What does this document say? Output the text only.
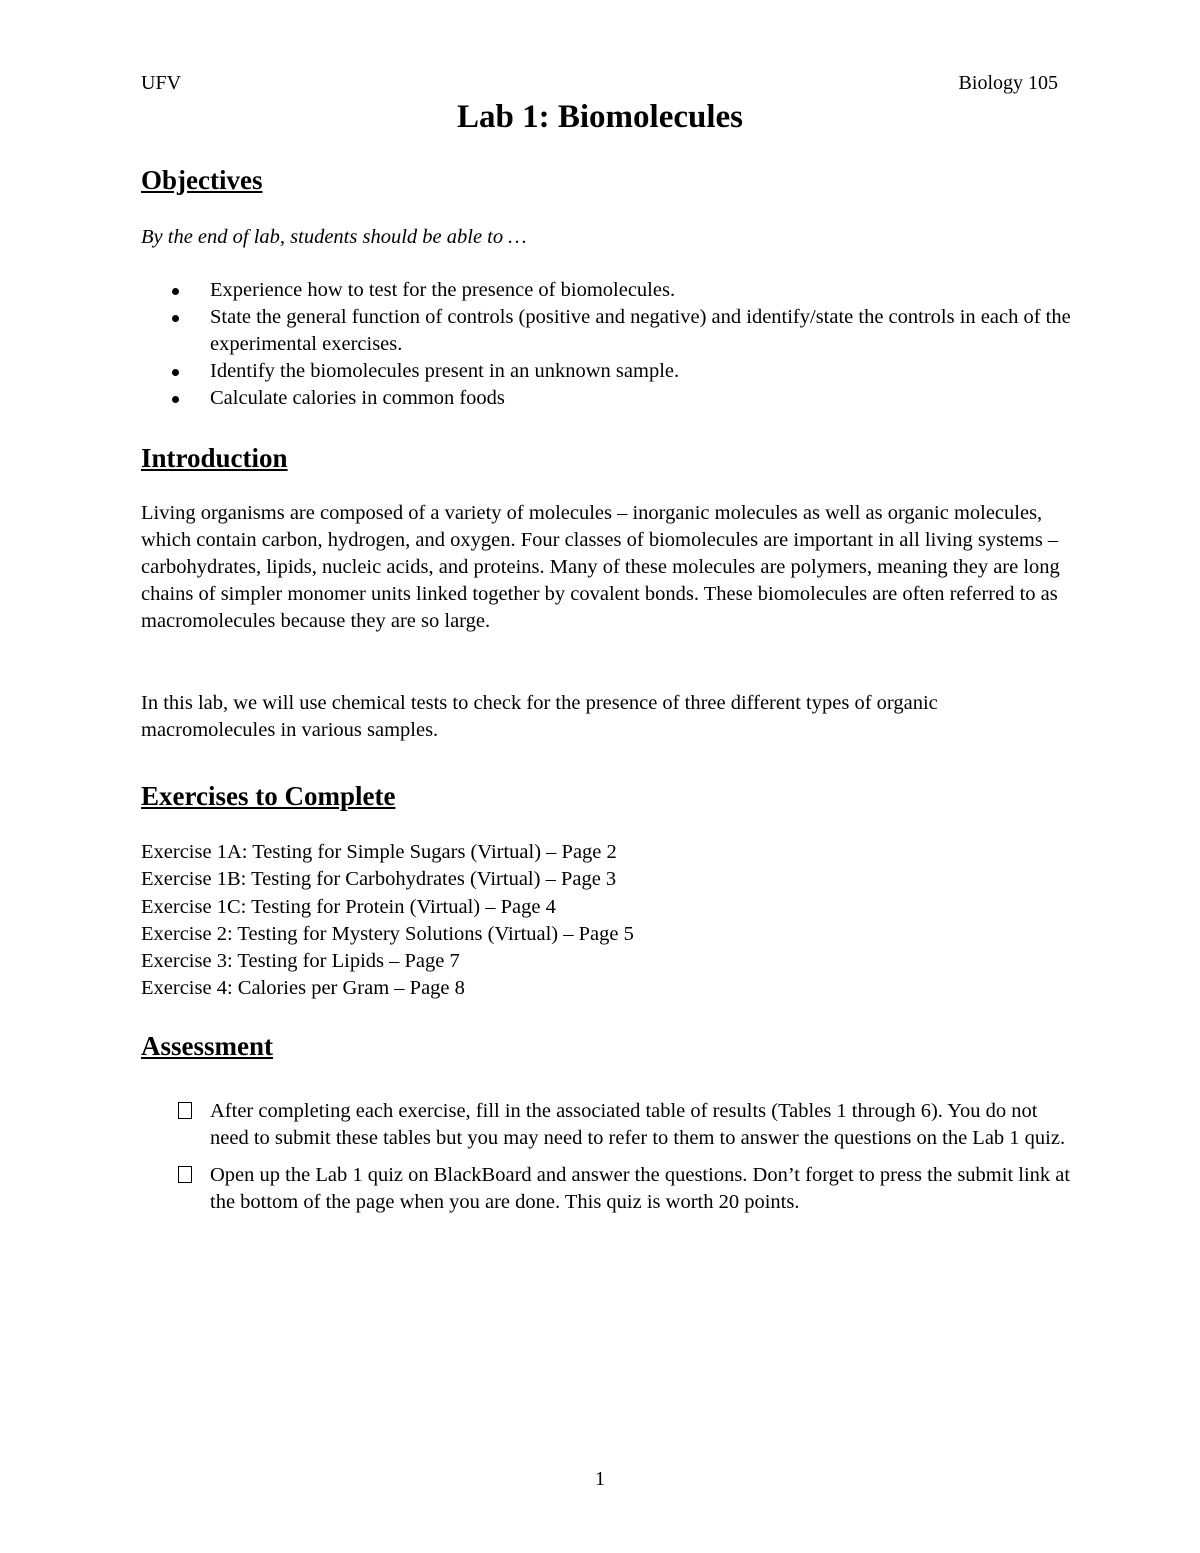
UFV	Biology 105
Lab 1: Biomolecules
Objectives

By the end of lab, students should be able to …

Experience how to test for the presence of biomolecules.
State the general function of controls (positive and negative) and identify/state the controls in each of the experimental exercises.
Identify the biomolecules present in an unknown sample.
Calculate calories in common foods
Introduction

Living organisms are composed of a variety of molecules – inorganic molecules as well as organic molecules, which contain carbon, hydrogen, and oxygen. Four classes of biomolecules are important in all living systems – carbohydrates, lipids, nucleic acids, and proteins. Many of these molecules are polymers, meaning they are long chains of simpler monomer units linked together by covalent bonds. These biomolecules are often referred to as macromolecules because they are so large.

In this lab, we will use chemical tests to check for the presence of three different types of organic macromolecules in various samples.

Exercises to Complete
Exercise 1A: Testing for Simple Sugars (Virtual) – Page 2
Exercise 1B: Testing for Carbohydrates (Virtual) – Page 3
Exercise 1C: Testing for Protein (Virtual) – Page 4
Exercise 2: Testing for Mystery Solutions (Virtual) – Page 5
Exercise 3: Testing for Lipids – Page 7
Exercise 4: Calories per Gram – Page 8
Assessment
After completing each exercise, fill in the associated table of results (Tables 1 through 6). You do not need to submit these tables but you may need to refer to them to answer the questions on the Lab 1 quiz.
Open up the Lab 1 quiz on BlackBoard and answer the questions. Don’t forget to press the submit link at the bottom of the page when you are done. This quiz is worth 20 points.
1
